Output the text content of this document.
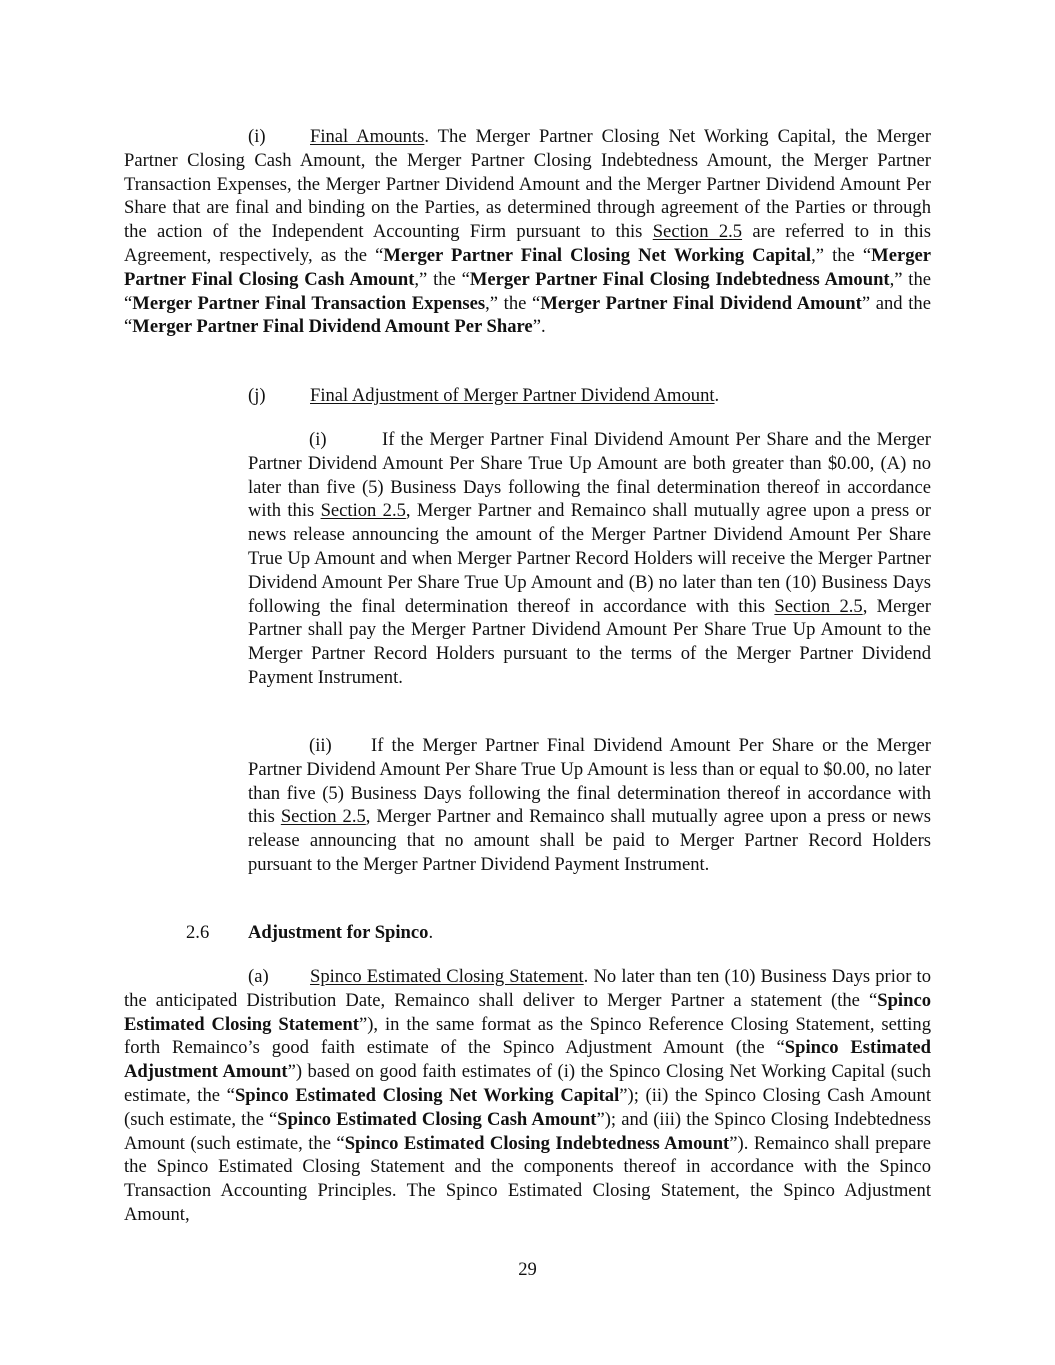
(i) Final Amounts. The Merger Partner Closing Net Working Capital, the Merger Partner Closing Cash Amount, the Merger Partner Closing Indebtedness Amount, the Merger Partner Transaction Expenses, the Merger Partner Dividend Amount and the Merger Partner Dividend Amount Per Share that are final and binding on the Parties, as determined through agreement of the Parties or through the action of the Independent Accounting Firm pursuant to this Section 2.5 are referred to in this Agreement, respectively, as the “Merger Partner Final Closing Net Working Capital,” the “Merger Partner Final Closing Cash Amount,” the “Merger Partner Final Closing Indebtedness Amount,” the “Merger Partner Final Transaction Expenses,” the “Merger Partner Final Dividend Amount” and the “Merger Partner Final Dividend Amount Per Share”.

(j) Final Adjustment of Merger Partner Dividend Amount.

(i)	If the Merger Partner Final Dividend Amount Per Share and the Merger Partner Dividend Amount Per Share True Up Amount are both greater than $0.00, (A) no later than five (5) Business Days following the final determination thereof in accordance with this Section 2.5, Merger Partner and Remainco shall mutually agree upon a press or news release announcing the amount of the Merger Partner Dividend Amount Per Share True Up Amount and when Merger Partner Record Holders will receive the Merger Partner Dividend Amount Per Share True Up Amount and (B) no later than ten (10) Business Days following the final determination thereof in accordance with this Section 2.5, Merger Partner shall pay the Merger Partner Dividend Amount Per Share True Up Amount to the Merger Partner Record Holders pursuant to the terms of the Merger Partner Dividend Payment Instrument.

(ii) If the Merger Partner Final Dividend Amount Per Share or the Merger Partner Dividend Amount Per Share True Up Amount is less than or equal to $0.00, no later than five (5) Business Days following the final determination thereof in accordance with this Section 2.5, Merger Partner and Remainco shall mutually agree upon a press or news release announcing that no amount shall be paid to Merger Partner Record Holders pursuant to the Merger Partner Dividend Payment Instrument.

2.6 Adjustment for Spinco.

(a) Spinco Estimated Closing Statement. No later than ten (10) Business Days prior to the anticipated Distribution Date, Remainco shall deliver to Merger Partner a statement (the “Spinco Estimated Closing Statement”), in the same format as the Spinco Reference Closing Statement, setting forth Remainco’s good faith estimate of the Spinco Adjustment Amount (the “Spinco Estimated Adjustment Amount”) based on good faith estimates of (i) the Spinco Closing Net Working Capital (such estimate, the “Spinco Estimated Closing Net Working Capital”); (ii) the Spinco Closing Cash Amount (such estimate, the “Spinco Estimated Closing Cash Amount”); and (iii) the Spinco Closing Indebtedness Amount (such estimate, the “Spinco Estimated Closing Indebtedness Amount”). Remainco shall prepare the Spinco Estimated Closing Statement and the components thereof in accordance with the Spinco Transaction Accounting Principles. The Spinco Estimated Closing Statement, the Spinco Adjustment Amount,

29
